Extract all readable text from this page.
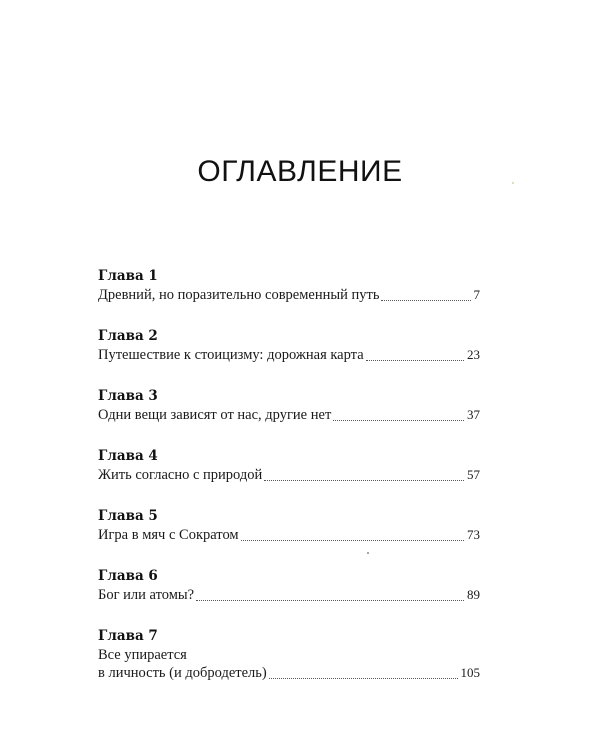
ОГЛАВЛЕНИЕ
Глава 1
Древний, но поразительно современный путь	7
Глава 2
Путешествие к стоицизму: дорожная карта	23
Глава 3
Одни вещи зависят от нас, другие нет	37
Глава 4
Жить согласно с природой	57
Глава 5
Игра в мяч с Сократом	73
Глава 6
Бог или атомы?	89
Глава 7
Все упирается
в личность (и добродетель)	105
